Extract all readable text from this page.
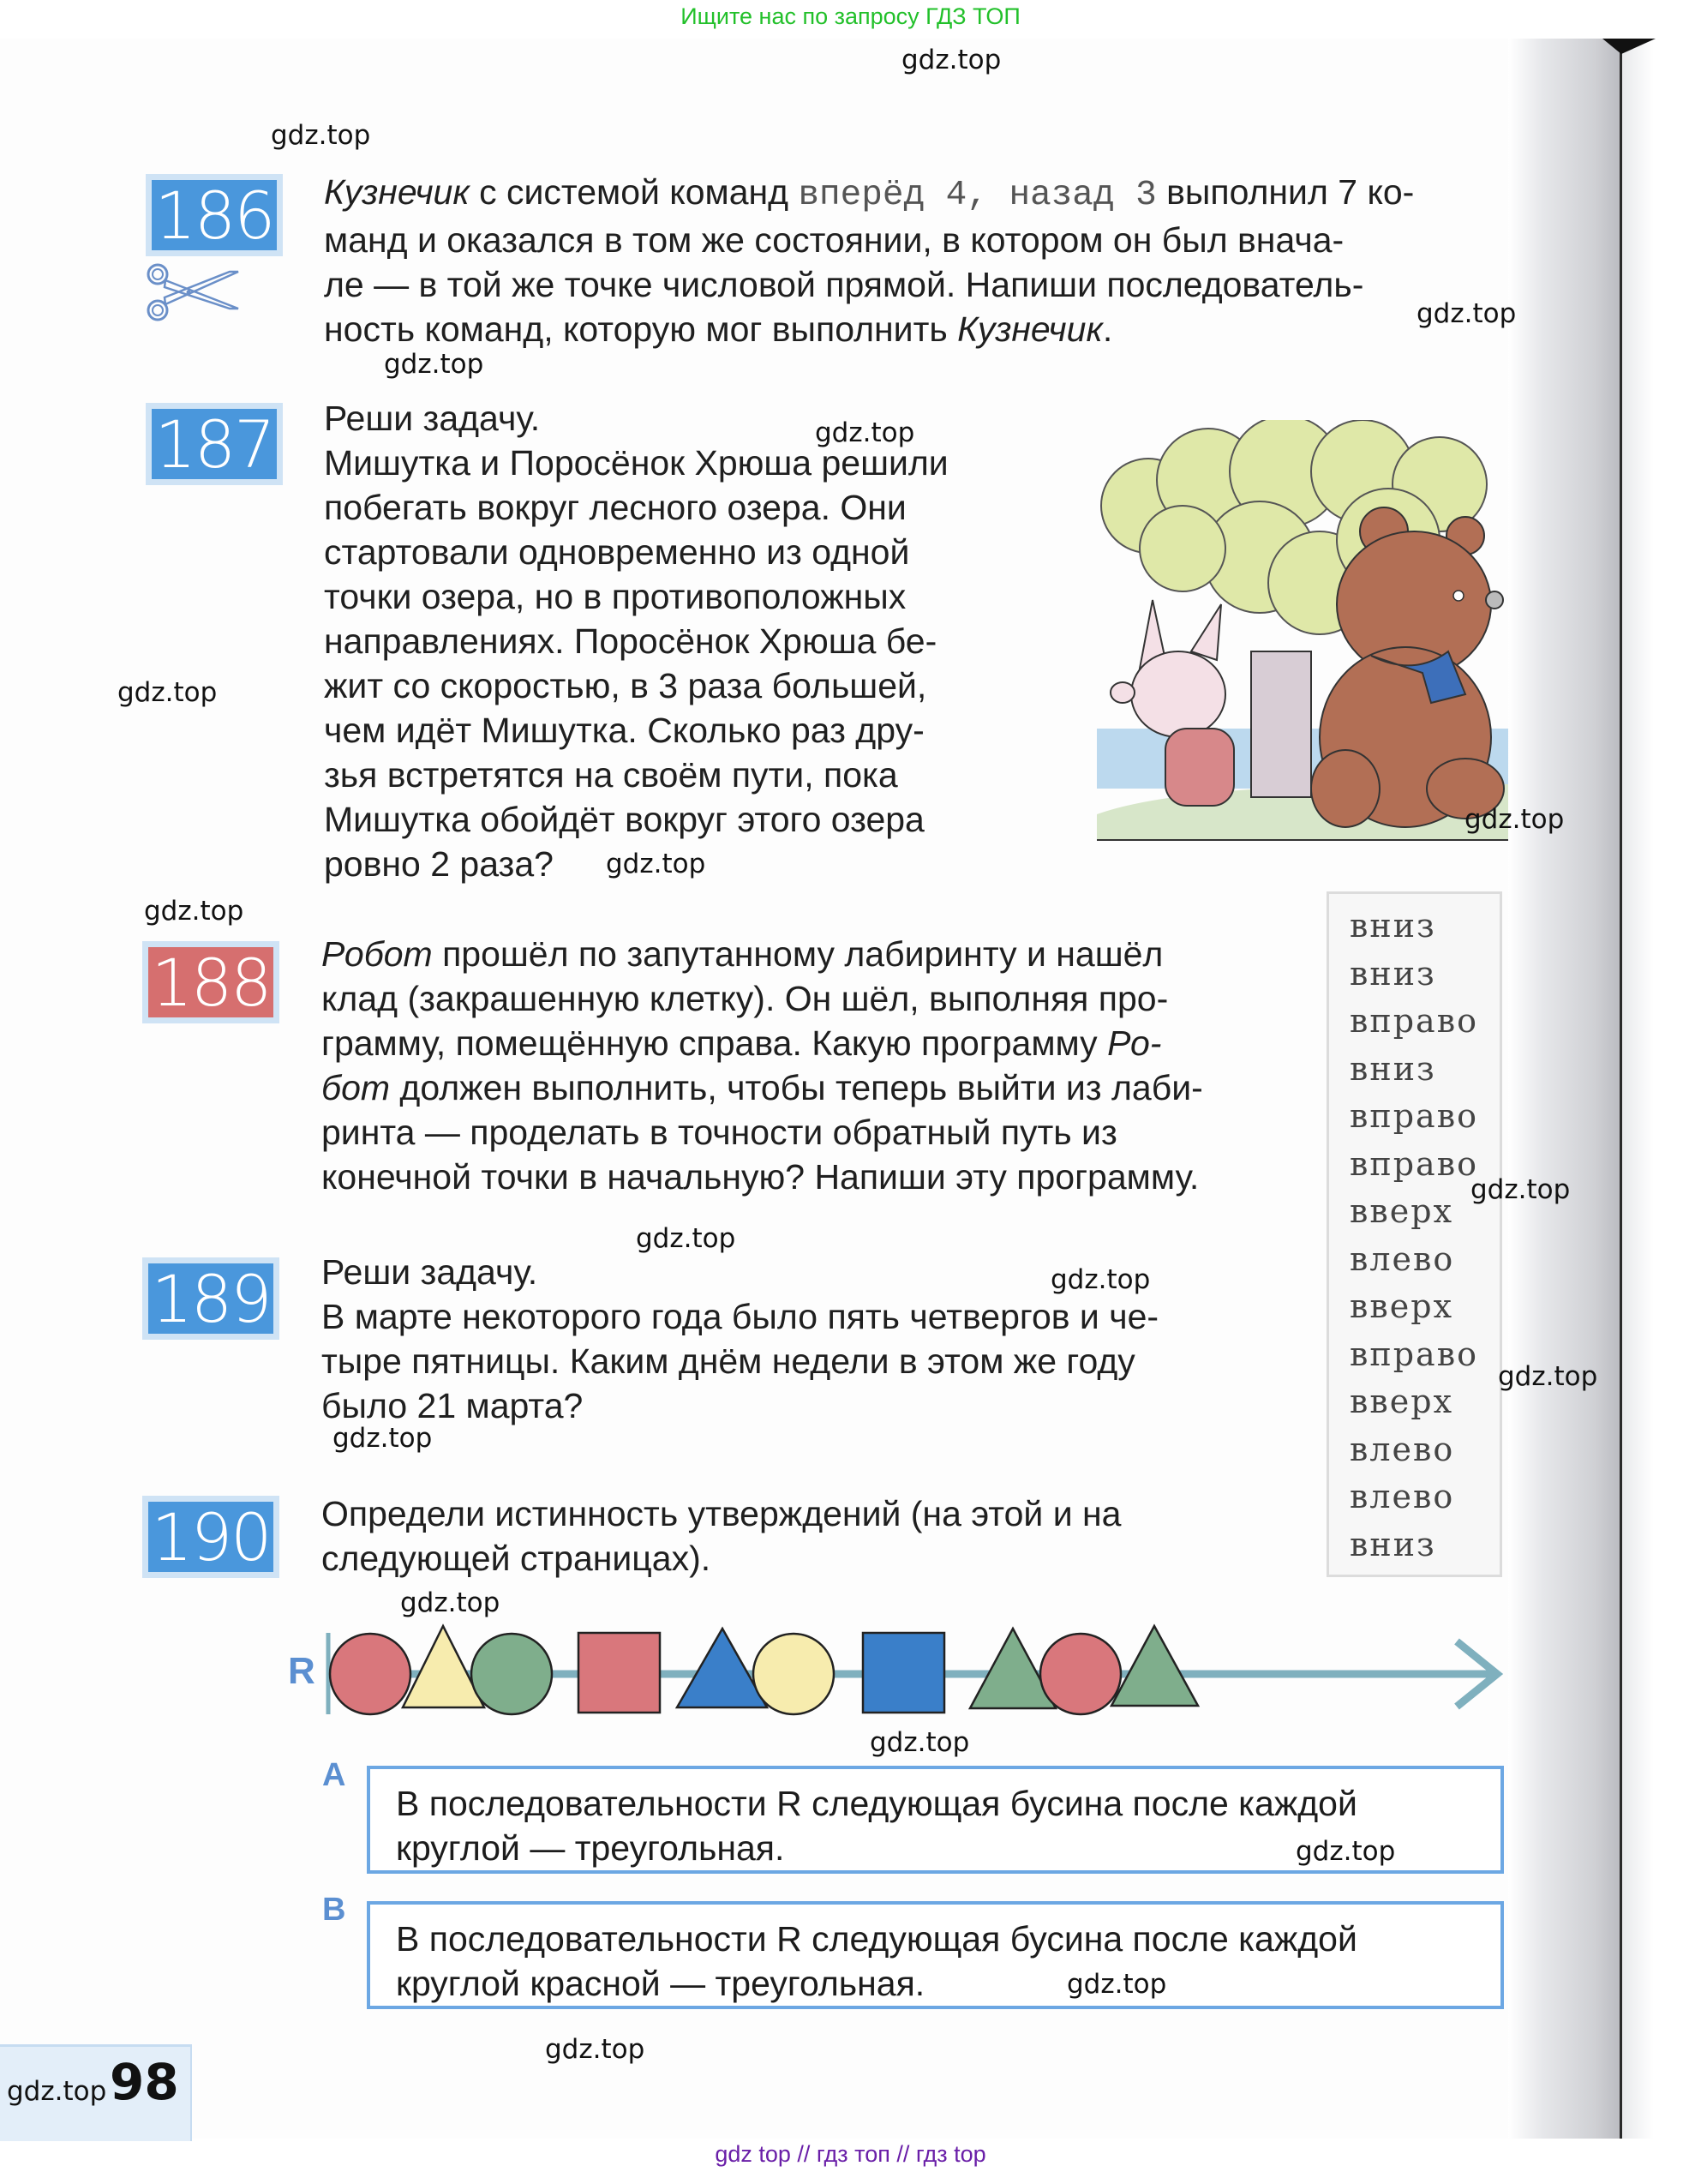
Ищите нас по запросу ГДЗ ТОП
186 Кузнечик с системой команд вперёд 4, назад 3 выполнил 7 ко-
манд и оказался в том же состоянии, в котором он был внача-
ле — в той же точке числовой прямой. Напиши последователь-
ность команд, которую мог выполнить Кузнечик.
187 Реши задачу.
Мишутка и Поросёнок Хрюша решили
побегать вокруг лесного озера. Они
стартовали одновременно из одной
точки озера, но в противоположных
направлениях. Поросёнок Хрюша бе-
жит со скоростью, в 3 раза большей,
чем идёт Мишутка. Сколько раз дру-
зья встретятся на своём пути, пока
Мишутка обойдёт вокруг этого озера
ровно 2 раза?
188 Робот прошёл по запутанному лабиринту и нашёл
клад (закрашенную клетку). Он шёл, выполняя про-
грамму, помещённую справа. Какую программу Ро-
бот должен выполнить, чтобы теперь выйти из лаби-
ринта — проделать в точности обратный путь из
конечной точки в начальную? Напиши эту программу.
вниз
вниз
вправо
вниз
вправо
вправо
вверх
влево
вверх
вправо
вверх
влево
влево
вниз
189 Реши задачу.
В марте некоторого года было пять четвергов и че-
тыре пятницы. Каким днём недели в этом же году
было 21 марта?
190 Определи истинность утверждений (на этой и на
следующей страницах).
R
A
В последовательности R следующая бусина после каждой
круглой — треугольная.
B
В последовательности R следующая бусина после каждой
круглой красной — треугольная.
98
gdz.top
gdz.top
gdz.top
gdz.top
gdz.top
gdz.top
gdz.top
gdz.top
gdz.top
gdz.top
gdz.top
gdz.top
gdz.top
gdz.top
gdz.top
gdz.top
gdz.top
gdz.top
gdz.top
gdz.top
gdz top // гдз топ // гдз top
